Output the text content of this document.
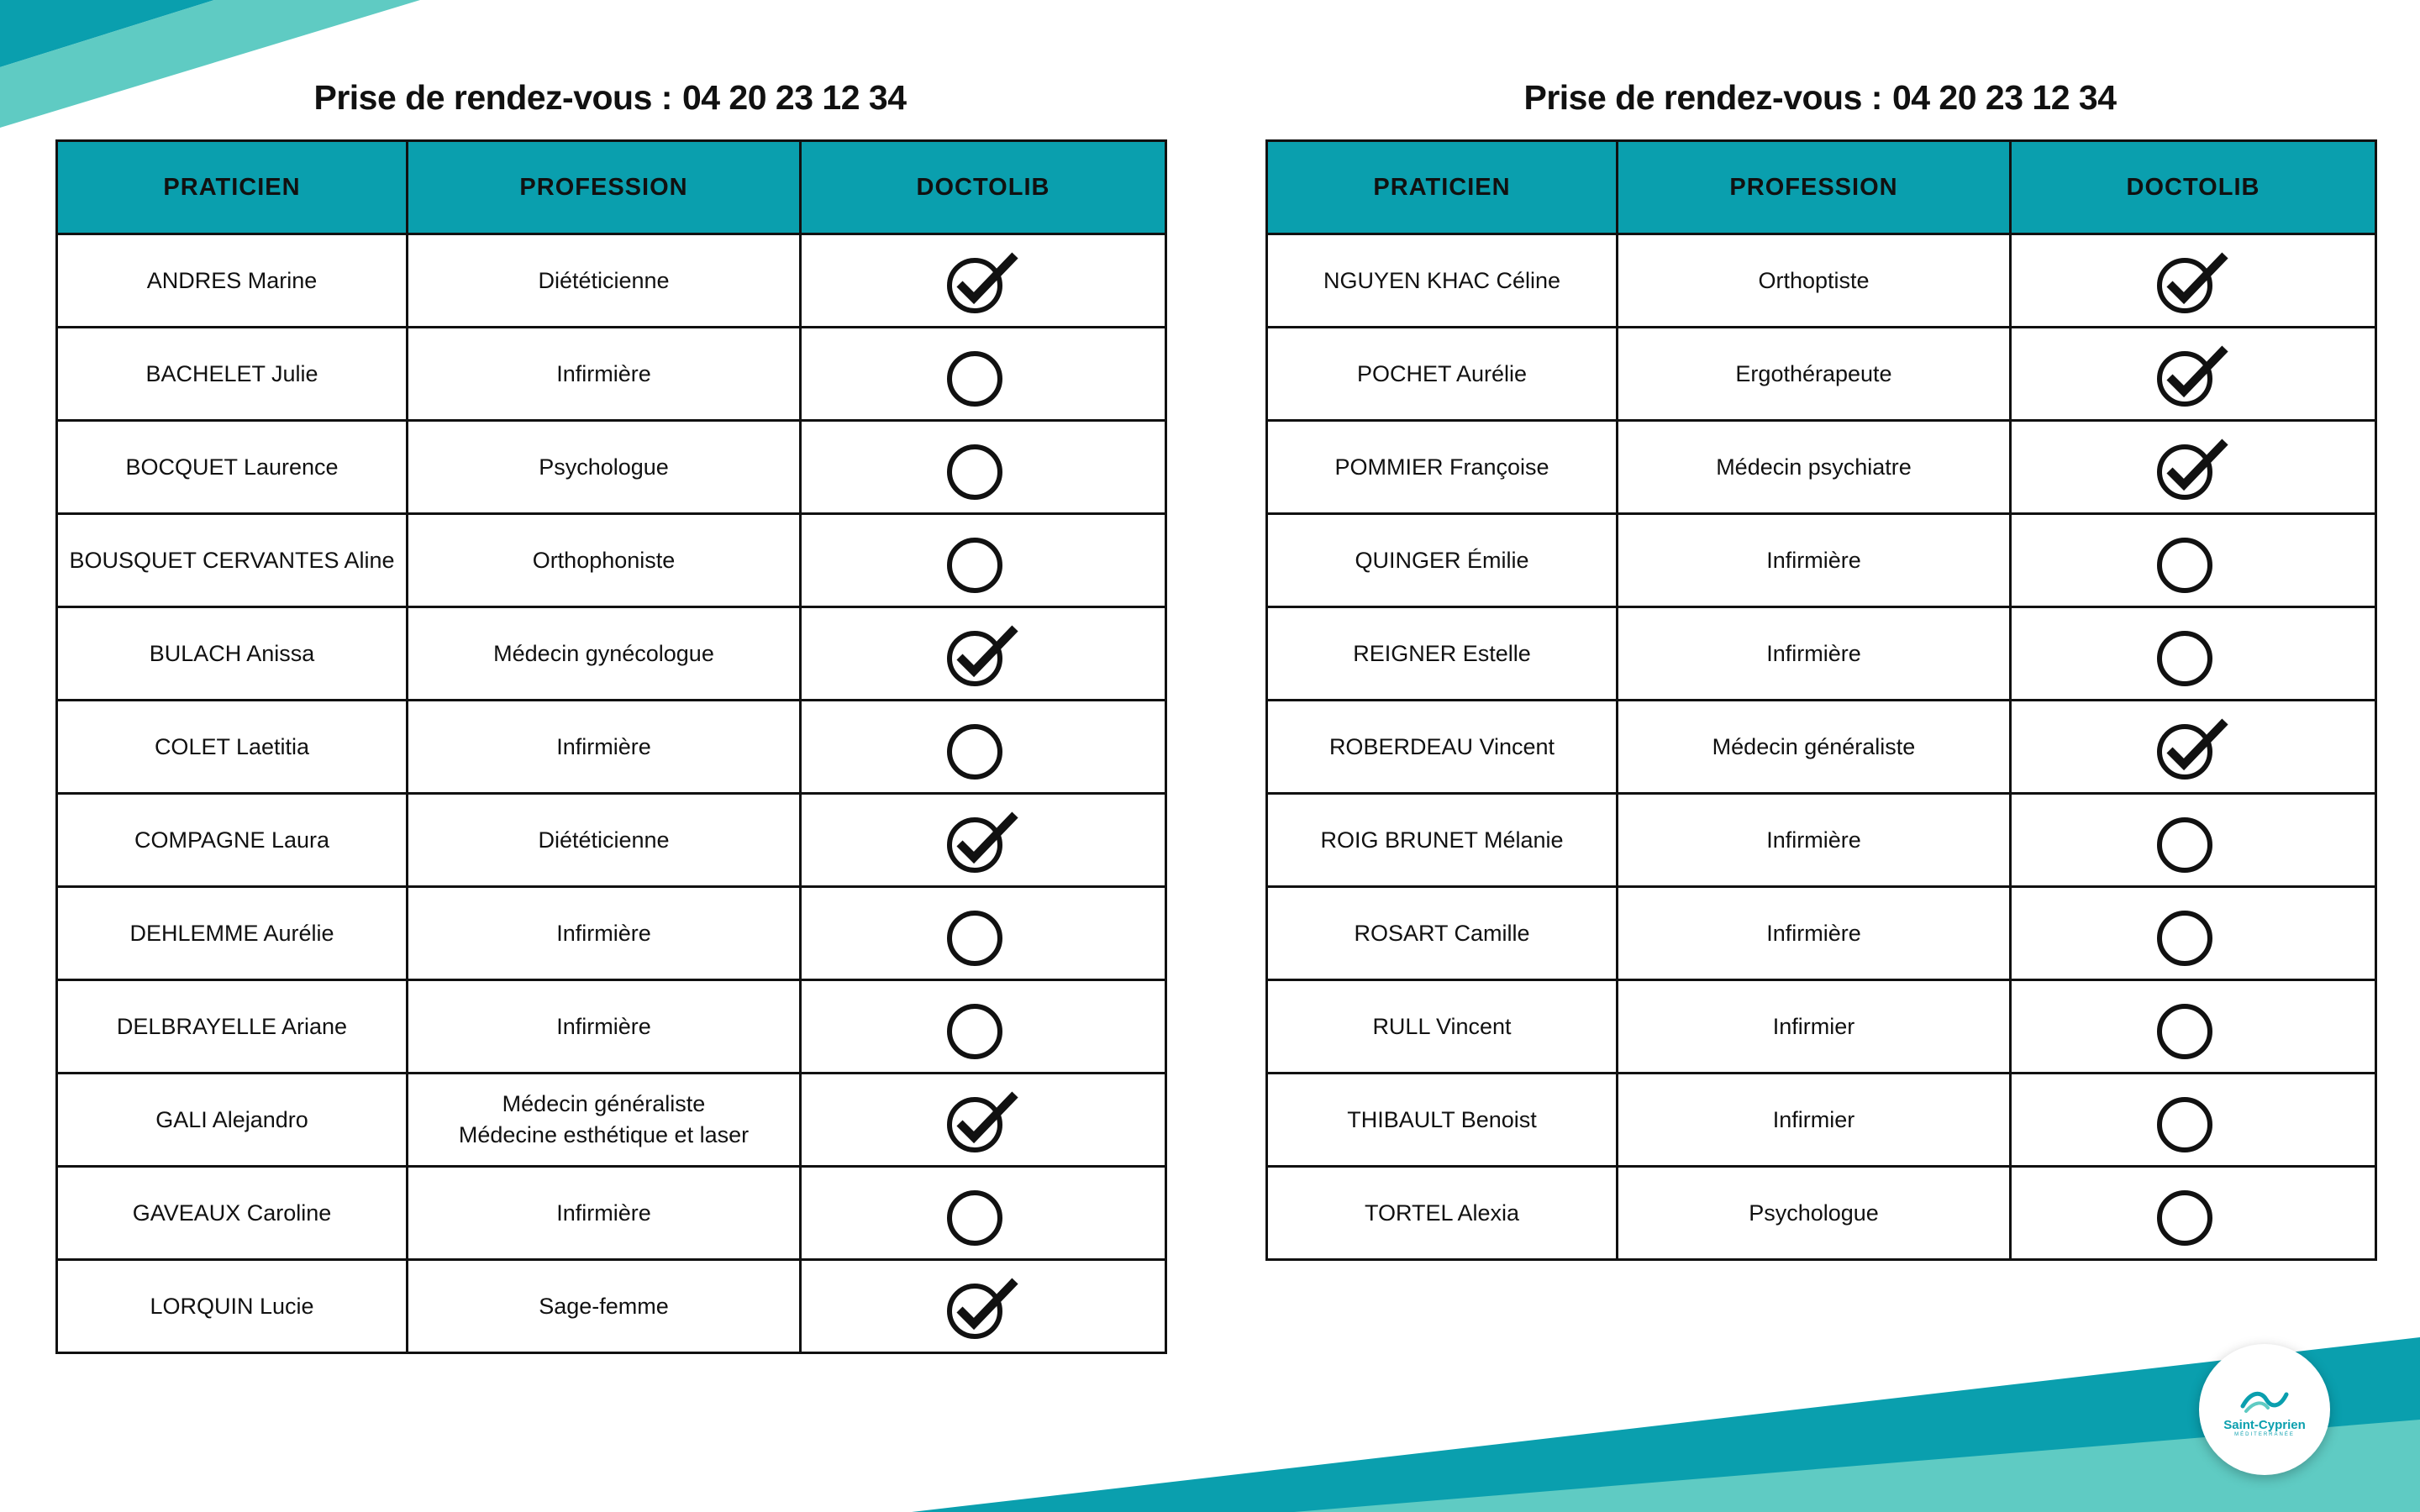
Prise de rendez-vous : 04 20 23 12 34	Prise de rendez-vous : 04 20 23 12 34
PRATICIEN	PROFESSION	DOCTOLIB
ANDRES Marine	Diététicienne

BACHELET Julie	Infirmière

BOCQUET Laurence	Psychologue

BOUSQUET CERVANTES Aline	Orthophoniste

BULACH Anissa	Médecin gynécologue

COLET Laetitia	Infirmière

COMPAGNE Laura	Diététicienne

DEHLEMME Aurélie	Infirmière

DELBRAYELLE Ariane	Infirmière

GALI Alejandro	Médecin généraliste
Médecine esthétique et laser

GAVEAUX Caroline	Infirmière

LORQUIN Lucie	Sage-femme

PRATICIEN	PROFESSION	DOCTOLIB
NGUYEN KHAC Céline	Orthoptiste

POCHET Aurélie	Ergothérapeute

POMMIER Françoise	Médecin psychiatre

QUINGER Émilie	Infirmière

REIGNER Estelle	Infirmière

ROBERDEAU Vincent	Médecin généraliste

ROIG BRUNET Mélanie	Infirmière

ROSART Camille	Infirmière

RULL Vincent	Infirmier

THIBAULT Benoist	Infirmier

TORTEL Alexia	Psychologue

Saint-Cyprien
MÉDITERRANÉE
